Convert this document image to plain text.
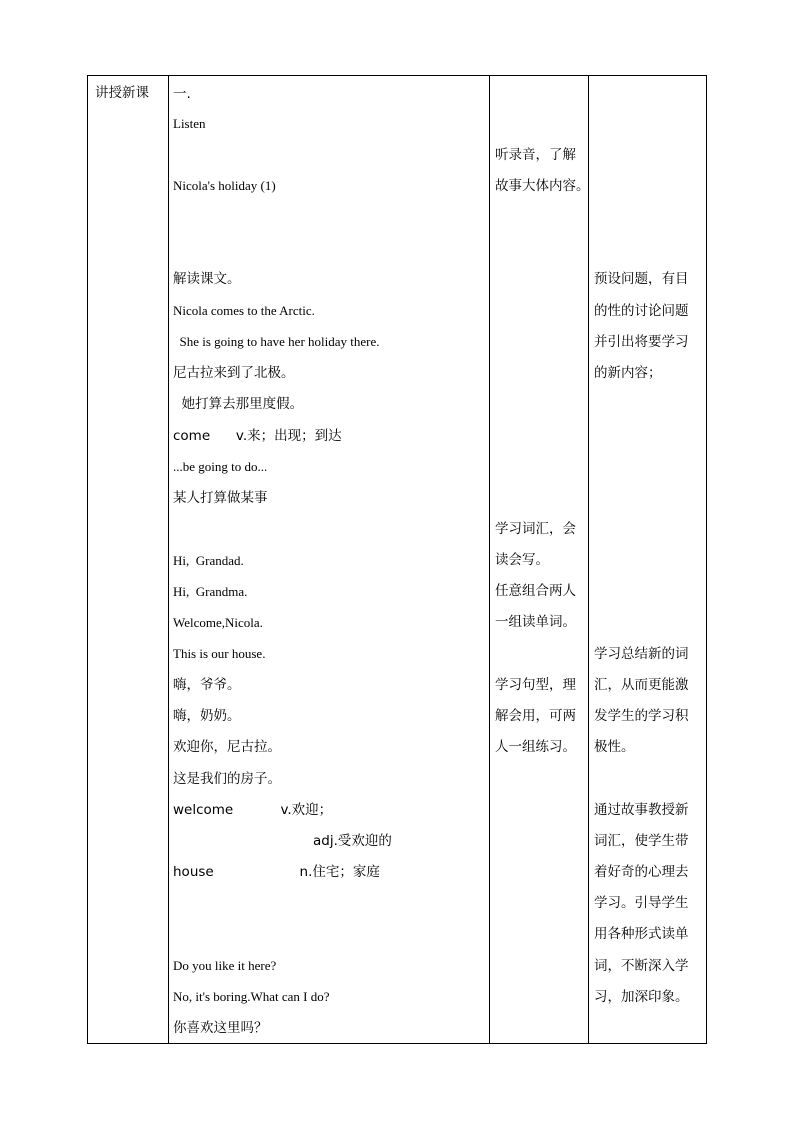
讲授新课 一.
Listen
Nicola's holiday (1)
解读课文。
Nicola comes to the Arctic.
She is going to have her holiday there.
尼古拉来到了北极。
她打算去那里度假。
come      v.来；出现；到达
...be going to do...
某人打算做某事
Hi,  Grandad.
Hi,  Grandma.
Welcome,Nicola.
This is our house.
嗨，爷爷。
嗨，奶奶。
欢迎你，尼古拉。
这是我们的房子。
welcome           v.欢迎；
adj.受欢迎的
house                    n.住宅；家庭
Do you like it here?
No, it's boring.What can I do?
你喜欢这里吗？
听录音，了解
故事大体内容。
学习词汇，会
读会写。
任意组合两人
一组读单词。
学习句型，理
解会用，可两
人一组练习。
预设问题，有目
的性的讨论问题
并引出将要学习
的新内容；
学习总结新的词
汇，从而更能激
发学生的学习积
极性。
通过故事教授新
词汇，使学生带
着好奇的心理去
学习。引导学生
用各种形式读单
词，不断深入学
习，加深印象。
